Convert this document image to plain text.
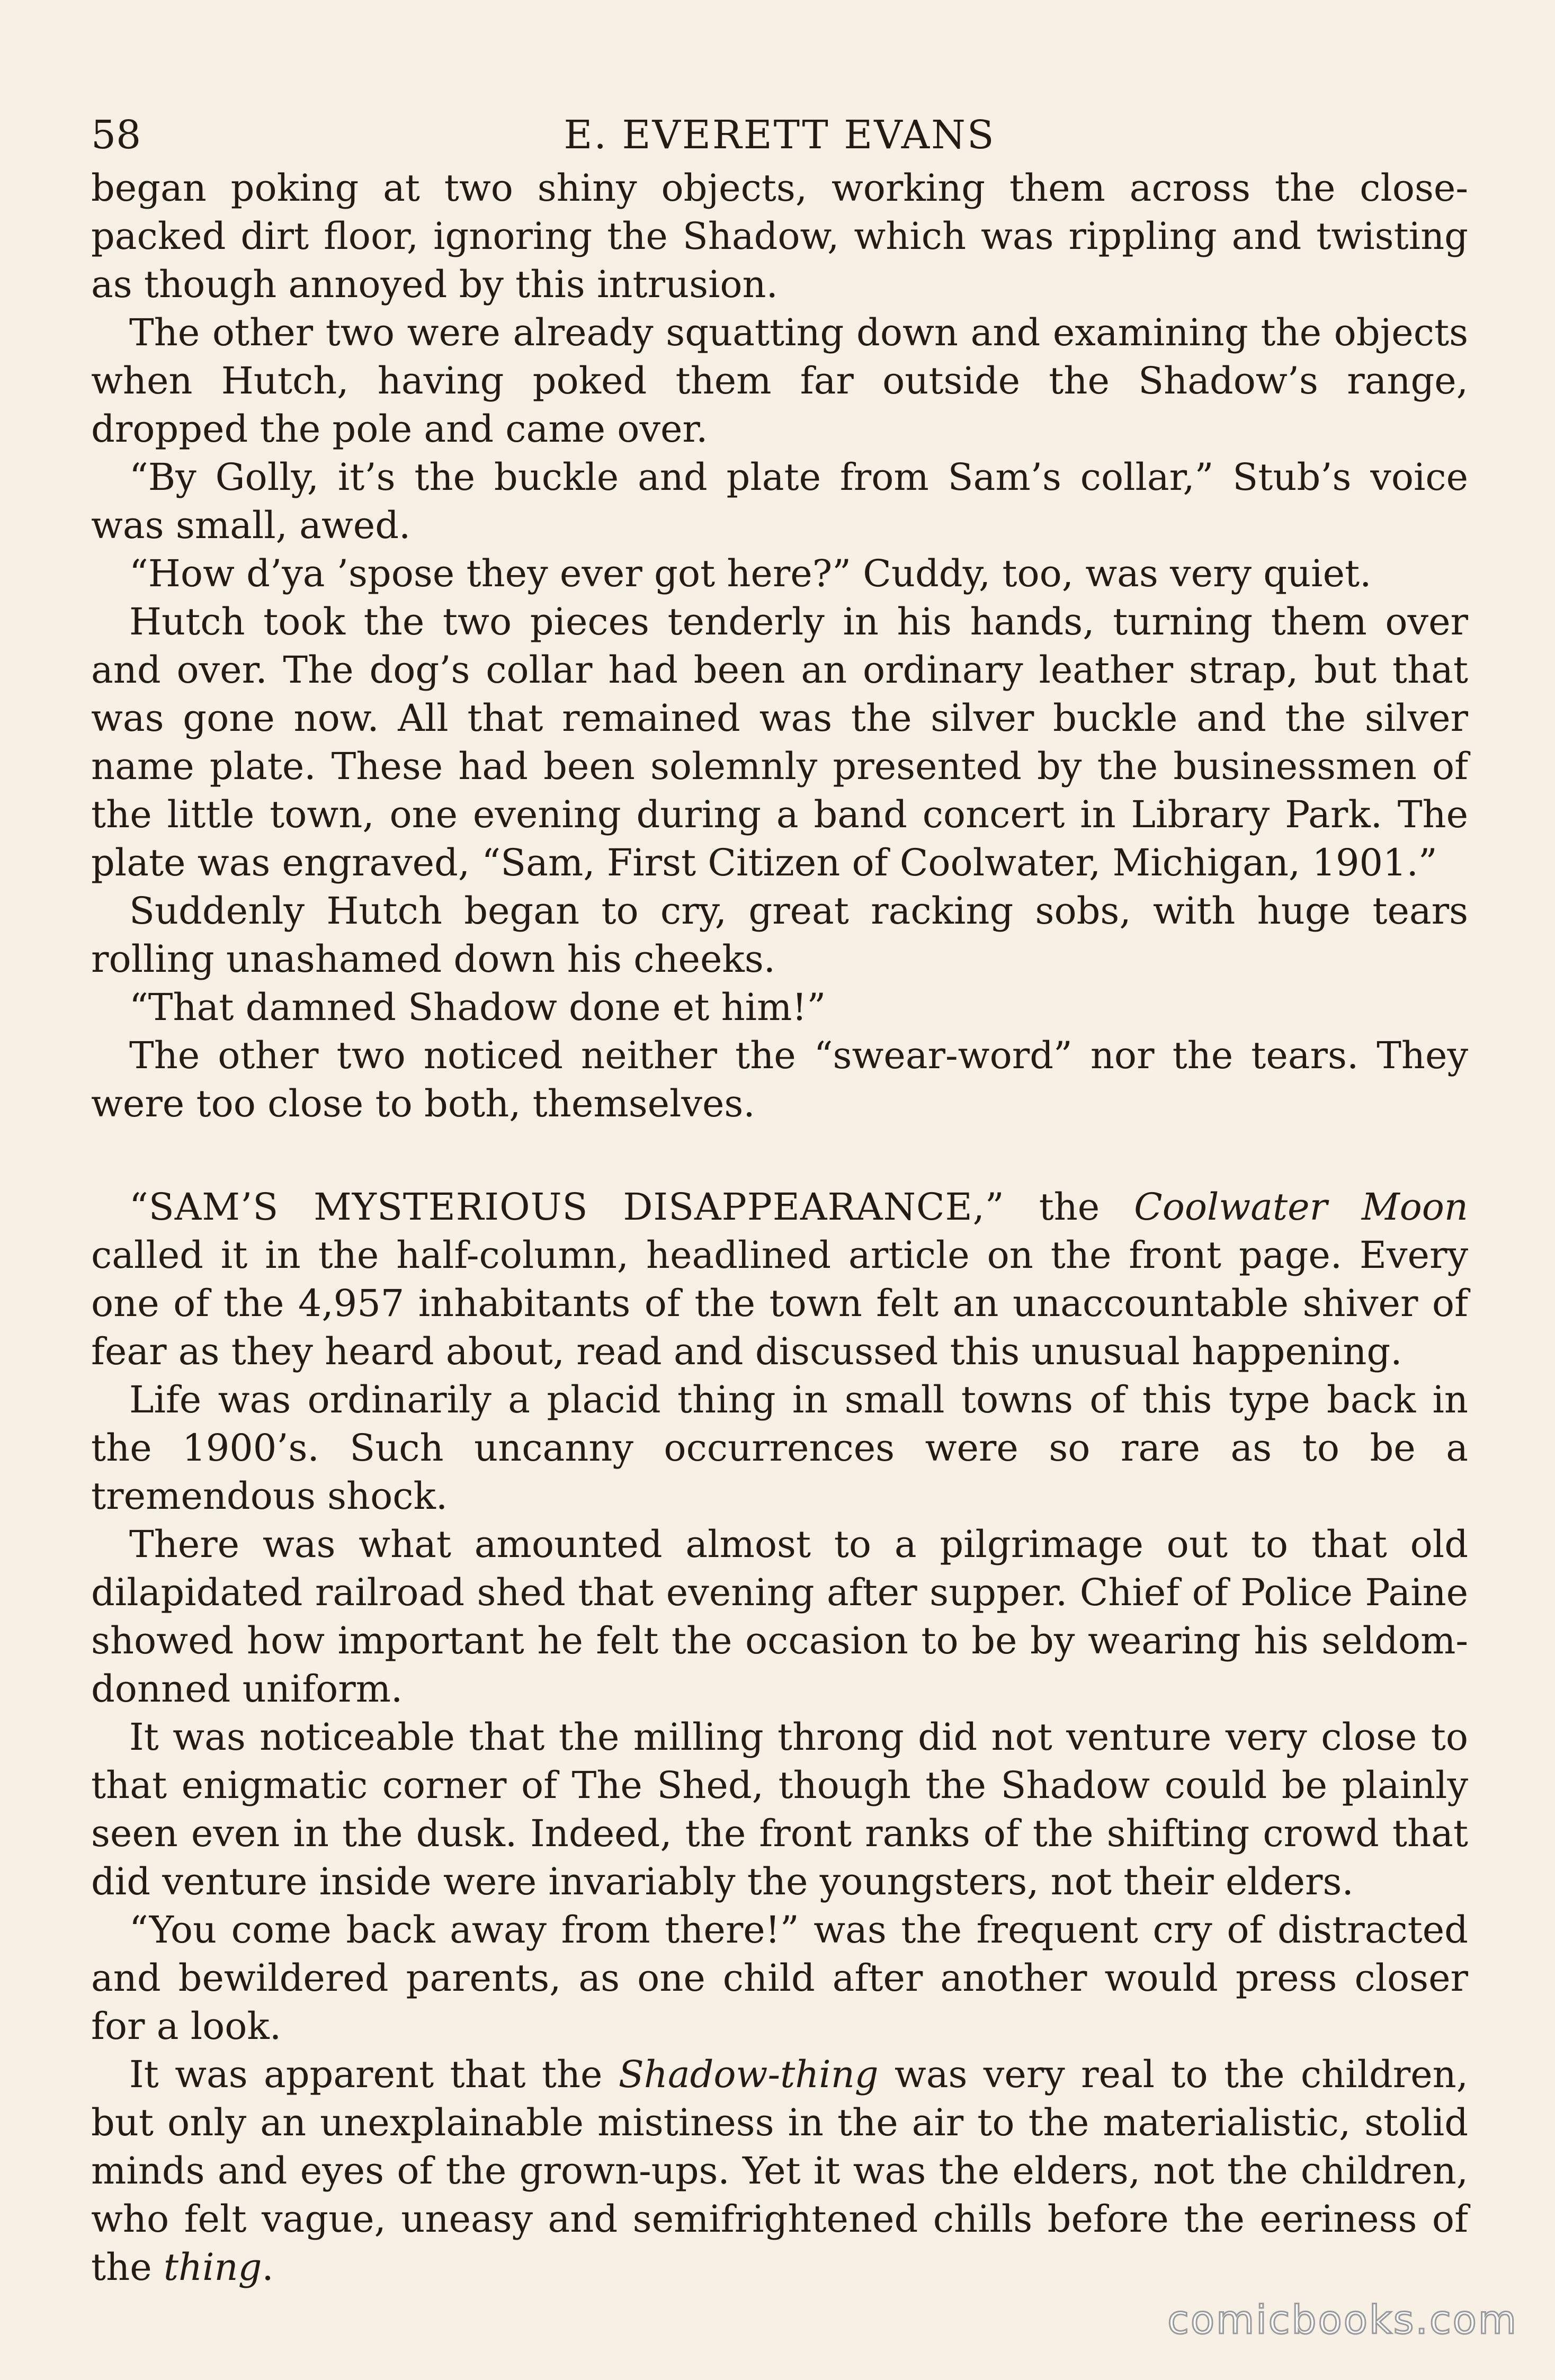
58	E. EVERETT EVANS

began poking at two shiny objects, working them across the close-packed dirt floor, ignoring the Shadow, which was rippling and twisting as though annoyed by this intrusion.

The other two were already squatting down and examining the objects when Hutch, having poked them far outside the Shadow’s range, dropped the pole and came over.

“By Golly, it’s the buckle and plate from Sam’s collar,” Stub’s voice was small, awed.

“How d’ya ’spose they ever got here?” Cuddy, too, was very quiet.

Hutch took the two pieces tenderly in his hands, turning them over and over. The dog’s collar had been an ordinary leather strap, but that was gone now. All that remained was the silver buckle and the silver name plate. These had been solemnly presented by the businessmen of the little town, one evening during a band concert in Library Park. The plate was engraved, “Sam, First Citizen of Coolwater, Michigan, 1901.”

Suddenly Hutch began to cry, great racking sobs, with huge tears rolling unashamed down his cheeks.

“That damned Shadow done et him!”

The other two noticed neither the “swear-word” nor the tears. They were too close to both, themselves.

“SAM’S MYSTERIOUS DISAPPEARANCE,” the Coolwater Moon called it in the half-column, headlined article on the front page. Every one of the 4,957 inhabitants of the town felt an unaccountable shiver of fear as they heard about, read and discussed this unusual happening.

Life was ordinarily a placid thing in small towns of this type back in the 1900’s. Such uncanny occurrences were so rare as to be a tremendous shock.

There was what amounted almost to a pilgrimage out to that old dilapidated railroad shed that evening after supper. Chief of Police Paine showed how important he felt the occasion to be by wearing his seldom-donned uniform.

It was noticeable that the milling throng did not venture very close to that enigmatic corner of The Shed, though the Shadow could be plainly seen even in the dusk. Indeed, the front ranks of the shifting crowd that did venture inside were invariably the youngsters, not their elders.

“You come back away from there!” was the frequent cry of distracted and bewildered parents, as one child after another would press closer for a look.

It was apparent that the Shadow-thing was very real to the children, but only an unexplainable mistiness in the air to the materialistic, stolid minds and eyes of the grown-ups. Yet it was the elders, not the children, who felt vague, uneasy and semifrightened chills before the eeriness of the thing.

comicbooks.com
